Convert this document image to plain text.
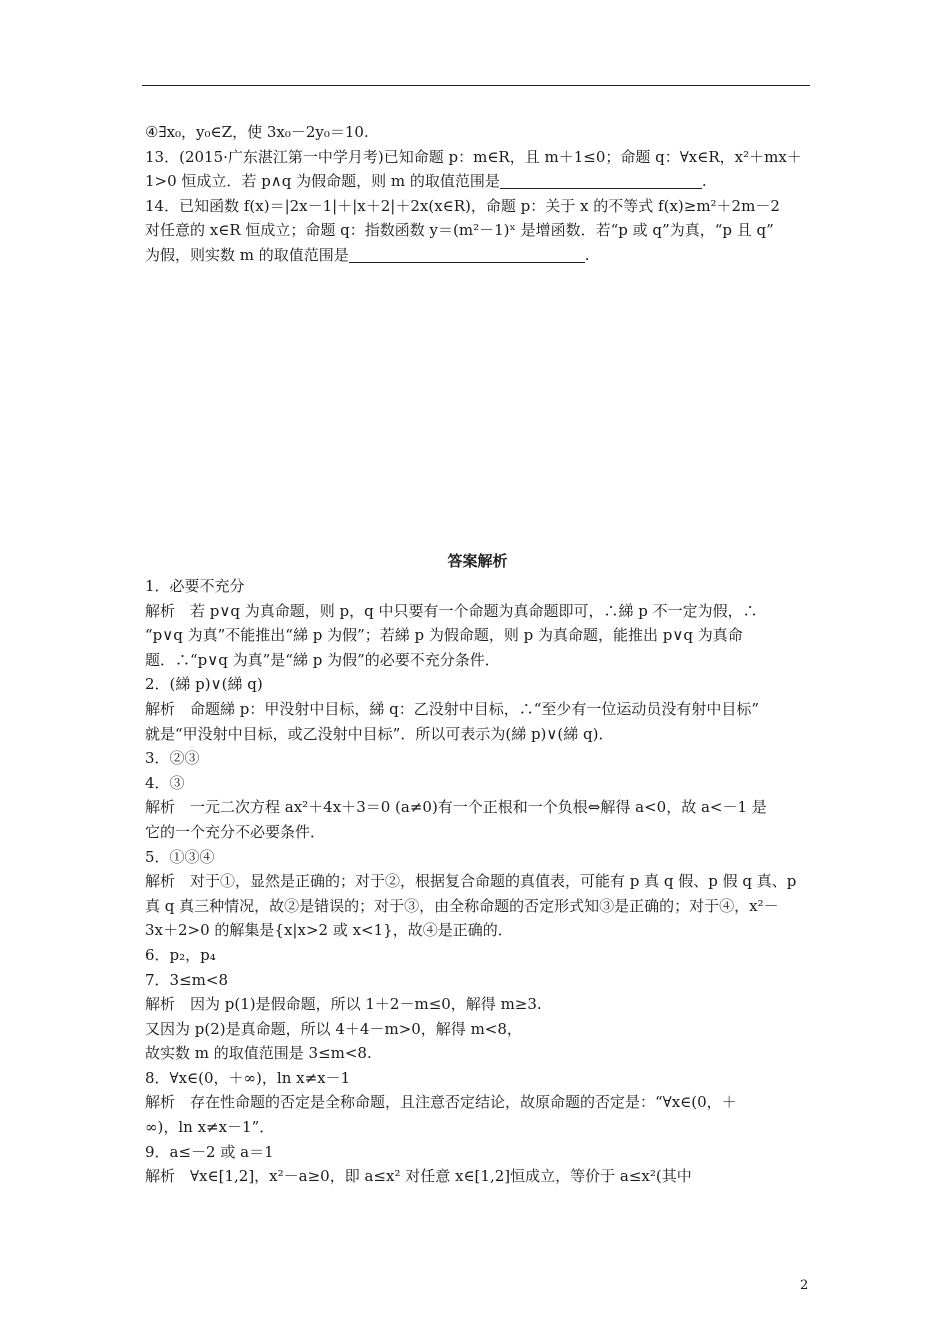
④∃x₀，y₀∈Z，使 3x₀－2y₀＝10.
13．(2015·广东湛江第一中学月考)已知命题 p：m∈R，且 m＋1≤0；命题 q：∀x∈R，x²＋mx＋
1>0 恒成立．若 p∧q 为假命题，则 m 的取值范围是	.
14．已知函数 f(x)＝|2x－1|＋|x＋2|＋2x(x∈R)，命题 p：关于 x 的不等式 f(x)≥m²＋2m－2
对任意的 x∈R 恒成立；命题 q：指数函数 y＝(m²－1)ˣ 是增函数．若“p 或 q”为真，“p 且 q”
为假，则实数 m 的取值范围是	.
答案解析
1．必要不充分
解析　若 p∨q 为真命题，则 p，q 中只要有一个命题为真命题即可，∴綈 p 不一定为假，∴
“p∨q 为真”不能推出“綈 p 为假”；若綈 p 为假命题，则 p 为真命题，能推出 p∨q 为真命
题．∴“p∨q 为真”是“綈 p 为假”的必要不充分条件．
2．(綈 p)∨(綈 q)
解析　命题綈 p：甲没射中目标，綈 q：乙没射中目标，∴“至少有一位运动员没有射中目标”
就是“甲没射中目标，或乙没射中目标”．所以可表示为(綈 p)∨(綈 q)．
3．②③
4．③
解析　一元二次方程 ax²＋4x＋3＝0 (a≠0)有一个正根和一个负根⇔解得 a<0，故 a<－1 是
它的一个充分不必要条件．
5．①③④
解析　对于①，显然是正确的；对于②，根据复合命题的真值表，可能有 p 真 q 假、p 假 q 真、p
真 q 真三种情况，故②是错误的；对于③，由全称命题的否定形式知③是正确的；对于④，x²－
3x＋2>0 的解集是{x|x>2 或 x<1}，故④是正确的．
6．p₂，p₄
7．3≤m<8
解析　因为 p(1)是假命题，所以 1＋2－m≤0，解得 m≥3.
又因为 p(2)是真命题，所以 4＋4－m>0，解得 m<8，
故实数 m 的取值范围是 3≤m<8.
8．∀x∈(0，＋∞)，ln x≠x－1
解析　存在性命题的否定是全称命题，且注意否定结论，故原命题的否定是：“∀x∈(0，＋
∞)，ln x≠x－1”．
9．a≤－2 或 a＝1
解析　∀x∈[1,2]，x²－a≥0，即 a≤x² 对任意 x∈[1,2]恒成立，等价于 a≤x²(其中
2
